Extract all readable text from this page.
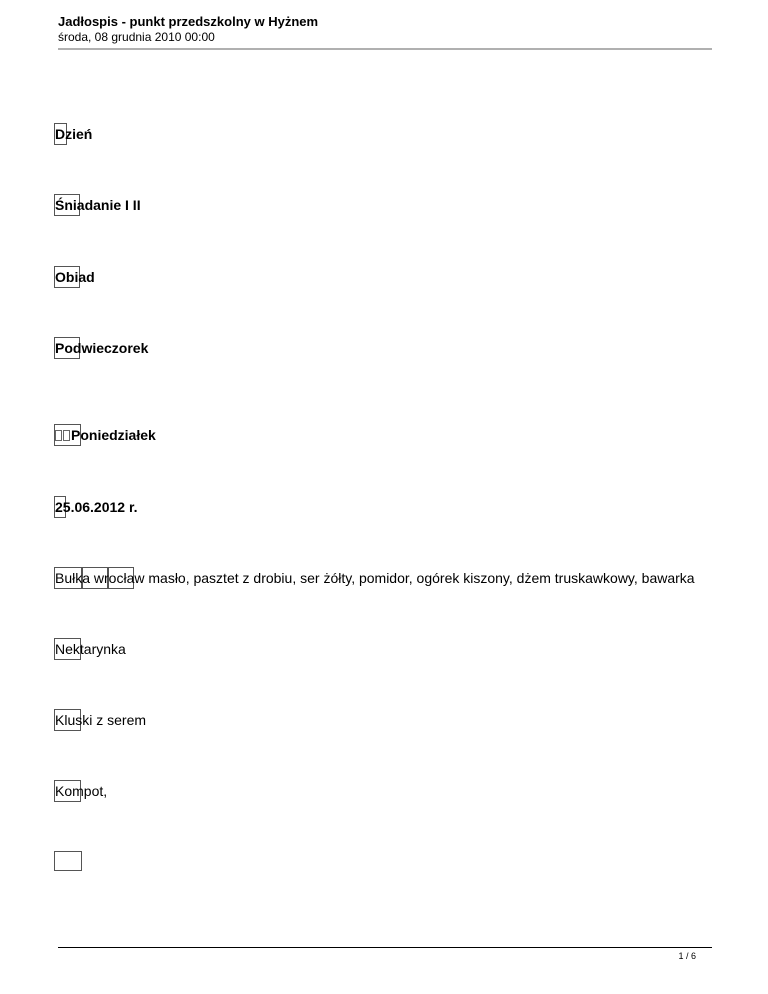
Jadłospis - punkt przedszkolny w Hyżnem

środa, 08 grudnia 2010 00:00

Dzień
Śniadanie I II
Obiad
Podwieczorek
Poniedziałek
25.06.2012 r.
Bułka wrocław masło, pasztet z drobiu, ser żółty, pomidor, ogórek kiszony, dżem truskawkowy, bawarka
Nektarynka
Kluski z serem
Kompot,
1 / 6
